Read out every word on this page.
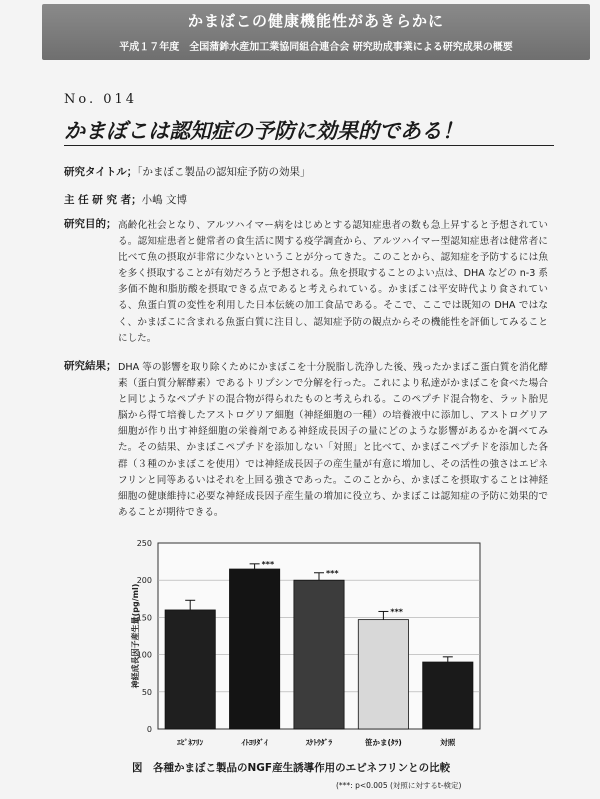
かまぼこの健康機能性があきらかに
平成１７年度　全国蒲鉾水産加工業協同組合連合会 研究助成事業による研究成果の概要
No. 014
かまぼこは認知症の予防に効果的である！
研究タイトル；「かまぼこ製品の認知症予防の効果」
主 任 研 究 者；小嶋 文博
研究目的； 高齢化社会となり、アルツハイマー病をはじめとする認知症患者の数も急上昇すると予想されている。認知症患者と健常者の食生活に関する疫学調査から、アルツハイマー型認知症患者は健常者に比べて魚の摂取が非常に少ないということが分ってきた。このことから、認知症を予防するには魚を多く摂取することが有効だろうと予想される。魚を摂取することのよい点は、DHA などの n-3 系多価不飽和脂肪酸を摂取できる点であると考えられている。かまぼこは平安時代より食されている、魚蛋白質の変性を利用した日本伝統の加工食品である。そこで、ここでは既知の DHA ではなく、かまぼこに含まれる魚蛋白質に注目し、認知症予防の観点からその機能性を評価してみることにした。
研究結果； DHA 等の影響を取り除くためにかまぼこを十分脱脂し洗浄した後、残ったかまぼこ蛋白質を消化酵素（蛋白質分解酵素）であるトリプシンで分解を行った。これにより私達がかまぼこを食べた場合と同じようなペプチドの混合物が得られたものと考えられる。このペプチド混合物を、ラット胎児脳から得て培養したアストログリア細胞（神経細胞の一種）の培養液中に添加し、アストログリア細胞が作り出す神経細胞の栄養剤である神経成長因子の量にどのような影響があるかを調べてみた。その結果、かまぼこペプチドを添加しない「対照」と比べて、かまぼこペプチドを添加した各群（３種のかまぼこを使用）では神経成長因子の産生量が有意に増加し、その活性の強さはエピネフリンと同等あるいはそれを上回る強さであった。このことから、かまぼこを摂取することは神経細胞の健康維持に必要な神経成長因子産生量の増加に役立ち、かまぼこは認知症の予防に効果的であることが期待できる。
0
50
100
150
200
250
神経成長因子産生量(pg/ml)
ｴﾋﾟﾈﾌﾘﾝ
***
ｲﾄﾖﾘﾀﾞｲ
***
ｽｹﾄｳﾀﾞﾗ
***
笹かま(ﾀﾗ)	対照
図　各種かまぼこ製品のNGF産生誘導作用のエピネフリンとの比較
(***: p<0.005 (対照に対するt-検定)
